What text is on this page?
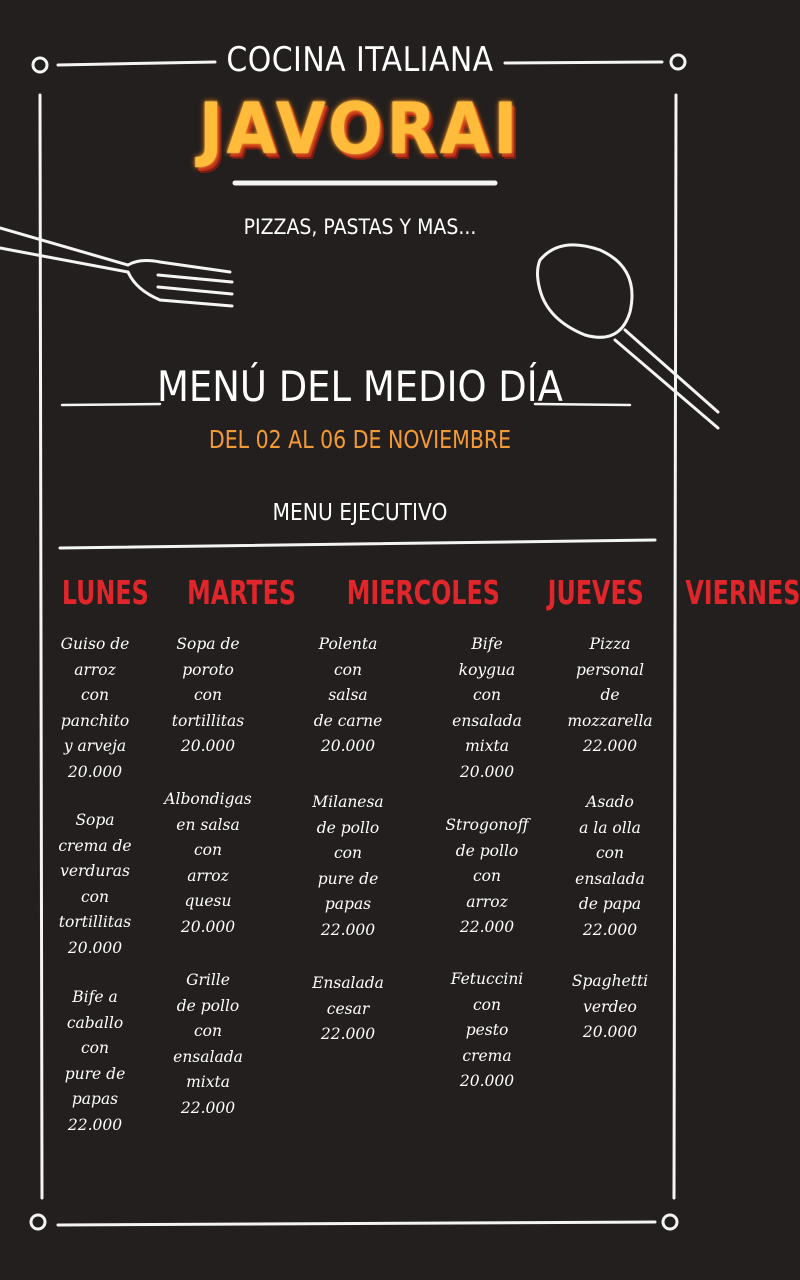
COCINA ITALIANA
JAVORAI
PIZZAS, PASTAS Y MAS...
MENÚ DEL MEDIO DÍA
DEL 02 AL 06 DE NOVIEMBRE
MENU EJECUTIVO
LUNES MARTES MIERCOLES JUEVES VIERNES
Guiso de
arroz
con
panchito
y arveja
20.000
Sopa
crema de
verduras
con
tortillitas
20.000
Bife a
caballo
con
pure de
papas
22.000
Sopa de
poroto
con
tortillitas
20.000
Albondigas
en salsa
con
arroz
quesu
20.000
Grille
de pollo
con
ensalada
mixta
22.000
Polenta
con
salsa
de carne
20.000
Milanesa
de pollo
con
pure de
papas
22.000
Ensalada
cesar
22.000
Bife
koygua
con
ensalada
mixta
20.000
Strogonoff
de pollo
con
arroz
22.000
Fetuccini
con
pesto
crema
20.000
Pizza
personal
de
mozzarella
22.000
Asado
a la olla
con
ensalada
de papa
22.000
Spaghetti
verdeo
20.000
